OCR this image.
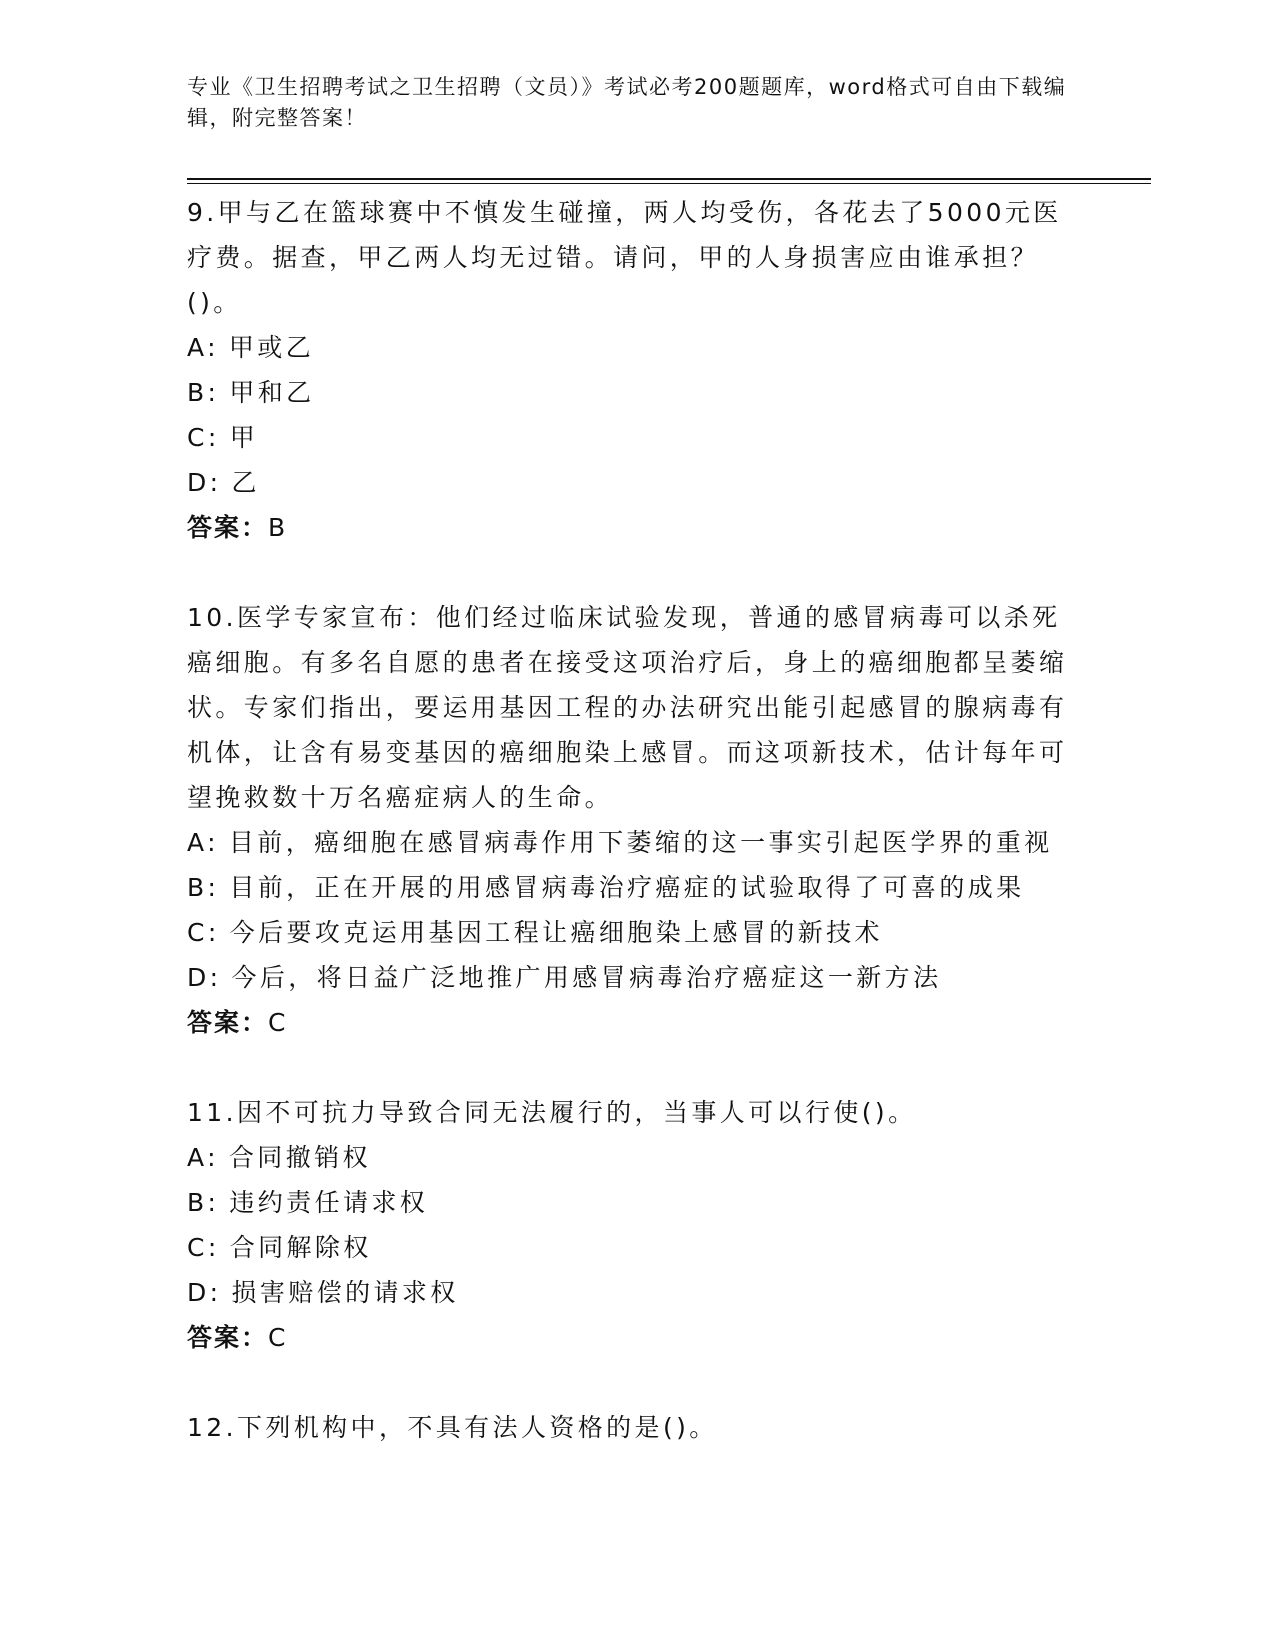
专业《卫生招聘考试之卫生招聘（文员）》考试必考200题题库，word格式可自由下载编辑，附完整答案！
9.甲与乙在篮球赛中不慎发生碰撞，两人均受伤，各花去了5000元医疗费。据查，甲乙两人均无过错。请问，甲的人身损害应由谁承担？()。
A: 甲或乙
B: 甲和乙
C: 甲
D: 乙
答案：B
10.医学专家宣布：他们经过临床试验发现，普通的感冒病毒可以杀死癌细胞。有多名自愿的患者在接受这项治疗后，身上的癌细胞都呈萎缩状。专家们指出，要运用基因工程的办法研究出能引起感冒的腺病毒有机体，让含有易变基因的癌细胞染上感冒。而这项新技术，估计每年可望挽救数十万名癌症病人的生命。
A: 目前，癌细胞在感冒病毒作用下萎缩的这一事实引起医学界的重视
B: 目前，正在开展的用感冒病毒治疗癌症的试验取得了可喜的成果
C: 今后要攻克运用基因工程让癌细胞染上感冒的新技术
D: 今后，将日益广泛地推广用感冒病毒治疗癌症这一新方法
答案：C
11.因不可抗力导致合同无法履行的，当事人可以行使()。
A: 合同撤销权
B: 违约责任请求权
C: 合同解除权
D: 损害赔偿的请求权
答案：C
12.下列机构中，不具有法人资格的是()。
